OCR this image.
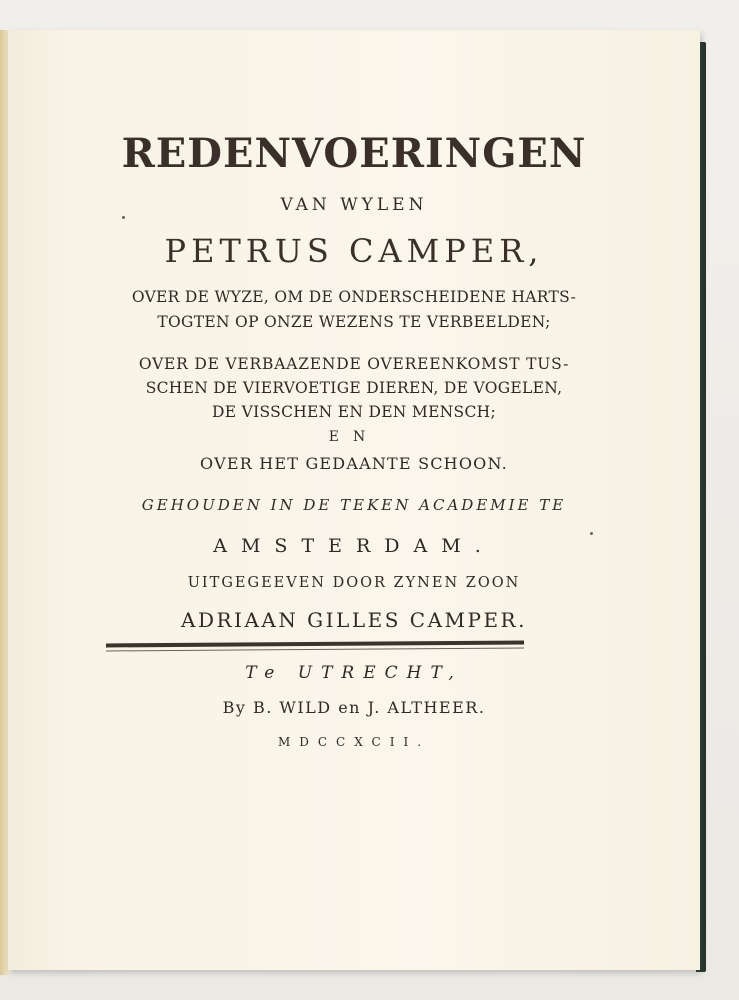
REDENVOERINGEN
VAN WYLEN
PETRUS CAMPER,
OVER DE WYZE, OM DE ONDERSCHEIDENE HARTS-
TOGTEN OP ONZE WEZENS TE VERBEELDEN;
OVER DE VERBAAZENDE OVEREENKOMST TUS-
SCHEN DE VIERVOETIGE DIEREN, DE VOGELEN,
DE VISSCHEN EN DEN MENSCH;
EN
OVER HET GEDAANTE SCHOON.
GEHOUDEN IN DE TEKEN ACADEMIE TE
AMSTERDAM.
UITGEGEEVEN DOOR ZYNEN ZOON
ADRIAAN GILLES CAMPER.
Te UTRECHT,
By B. WILD en J. ALTHEER.
MDCCXCII.
